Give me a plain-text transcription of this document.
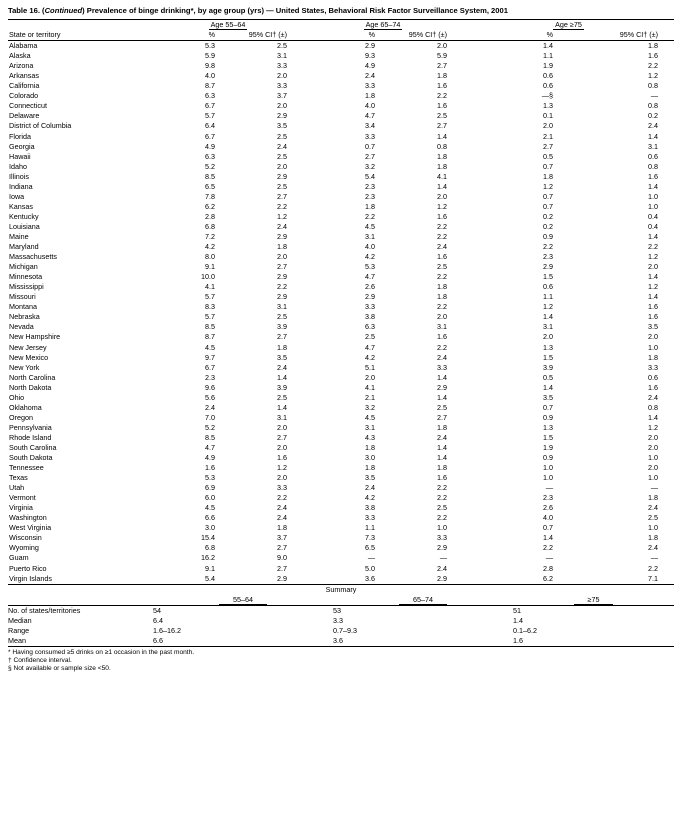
Table 16. (Continued) Prevalence of binge drinking*, by age group (yrs) — United States, Behavioral Risk Factor Surveillance System, 2001
	Age 55–64		Age 65–74		Age ≥75	
State or territory	%	95% CI† (±)	%	95% CI† (±)	%	95% CI† (±)
Alabama	5.3	2.5	2.9	2.0	1.4	1.8
Alaska	5.9	3.1	9.3	5.9	1.1	1.6
Arizona	9.8	3.3	4.9	2.7	1.9	2.2
Arkansas	4.0	2.0	2.4	1.8	0.6	1.2
California	8.7	3.3	3.3	1.6	0.6	0.8
Colorado	6.3	3.7	1.8	2.2	—§	—
Connecticut	6.7	2.0	4.0	1.6	1.3	0.8
Delaware	5.7	2.9	4.7	2.5	0.1	0.2
District of Columbia	6.4	3.5	3.4	2.7	2.0	2.4
Florida	6.7	2.5	3.3	1.4	2.1	1.4
Georgia	4.9	2.4	0.7	0.8	2.7	3.1
Hawaii	6.3	2.5	2.7	1.8	0.5	0.6
Idaho	5.2	2.0	3.2	1.8	0.7	0.8
Illinois	8.5	2.9	5.4	4.1	1.8	1.6
Indiana	6.5	2.5	2.3	1.4	1.2	1.4
Iowa	7.8	2.7	2.3	2.0	0.7	1.0
Kansas	6.2	2.2	1.8	1.2	0.7	1.0
Kentucky	2.8	1.2	2.2	1.6	0.2	0.4
Louisiana	6.8	2.4	4.5	2.2	0.2	0.4
Maine	7.2	2.9	3.1	2.2	0.9	1.4
Maryland	4.2	1.8	4.0	2.4	2.2	2.2
Massachusetts	8.0	2.0	4.2	1.6	2.3	1.2
Michigan	9.1	2.7	5.3	2.5	2.9	2.0
Minnesota	10.0	2.9	4.7	2.2	1.5	1.4
Mississippi	4.1	2.2	2.6	1.8	0.6	1.2
Missouri	5.7	2.9	2.9	1.8	1.1	1.4
Montana	8.3	3.1	3.3	2.2	1.2	1.6
Nebraska	5.7	2.5	3.8	2.0	1.4	1.6
Nevada	8.5	3.9	6.3	3.1	3.1	3.5
New Hampshire	8.7	2.7	2.5	1.6	2.0	2.0
New Jersey	4.5	1.8	4.7	2.2	1.3	1.0
New Mexico	9.7	3.5	4.2	2.4	1.5	1.8
New York	6.7	2.4	5.1	3.3	3.9	3.3
North Carolina	2.3	1.4	2.0	1.4	0.5	0.6
North Dakota	9.6	3.9	4.1	2.9	1.4	1.6
Ohio	5.6	2.5	2.1	1.4	3.5	2.4
Oklahoma	2.4	1.4	3.2	2.5	0.7	0.8
Oregon	7.0	3.1	4.5	2.7	0.9	1.4
Pennsylvania	5.2	2.0	3.1	1.8	1.3	1.2
Rhode Island	8.5	2.7	4.3	2.4	1.5	2.0
South Carolina	4.7	2.0	1.8	1.4	1.9	2.0
South Dakota	4.9	1.6	3.0	1.4	0.9	1.0
Tennessee	1.6	1.2	1.8	1.8	1.0	2.0
Texas	5.3	2.0	3.5	1.6	1.0	1.0
Utah	6.9	3.3	2.4	2.2	—	—
Vermont	6.0	2.2	4.2	2.2	2.3	1.8
Virginia	4.5	2.4	3.8	2.5	2.6	2.4
Washington	6.6	2.4	3.3	2.2	4.0	2.5
West Virginia	3.0	1.8	1.1	1.0	0.7	1.0
Wisconsin	15.4	3.7	7.3	3.3	1.4	1.8
Wyoming	6.8	2.7	6.5	2.9	2.2	2.4
Guam	16.2	9.0	—	—	—	—
Puerto Rico	9.1	2.7	5.0	2.4	2.8	2.2
Virgin Islands	5.4	2.9	3.6	2.9	6.2	7.1
Summary			
	55–64	65–74	≥75
No. of states/territories	54	53	51
Median	6.4	3.3	1.4
Range	1.6–16.2	0.7–9.3	0.1–6.2
Mean	6.6	3.6	1.6
* Having consumed ≥5 drinks on ≥1 occasion in the past month.
† Confidence interval.
§ Not available or sample size <50.
